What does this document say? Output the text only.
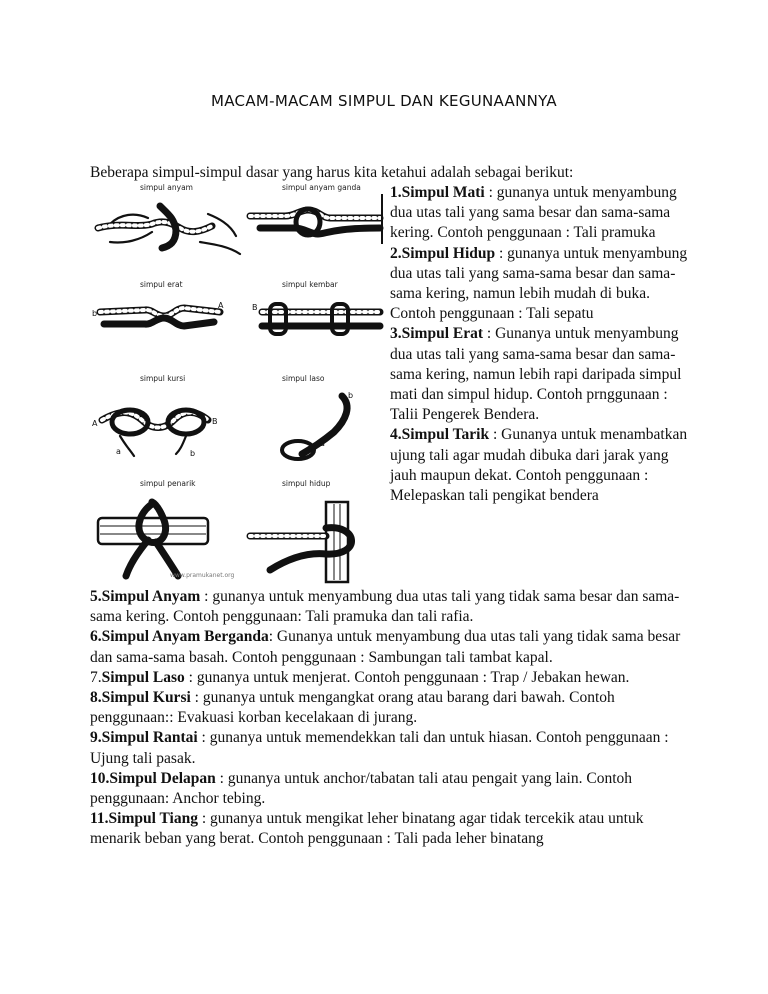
MACAM-MACAM SIMPUL DAN KEGUNAANNYA
Beberapa simpul-simpul dasar yang harus kita ketahui adalah sebagai berikut:
simpul anyam	simpul anyam ganda
simpul erat	simpul kembar
simpul kursi	simpul laso
simpul penarik	simpul hidup
b
A	B
A	B
a	b
b
a
www.pramukanet.org

1.Simpul Mati : gunanya untuk menyambung dua utas tali yang sama besar dan sama-sama kering. Contoh penggunaan : Tali pramuka

2.Simpul Hidup : gunanya untuk menyambung dua utas tali yang sama-sama besar dan sama-sama kering, namun lebih mudah di buka. Contoh penggunaan : Tali sepatu

3.Simpul Erat : Gunanya untuk menyambung dua utas tali yang sama-sama besar dan sama-sama kering, namun lebih rapi daripada simpul mati dan simpul hidup. Contoh prnggunaan : Talii Pengerek Bendera.

4.Simpul Tarik : Gunanya untuk menambatkan ujung tali agar mudah dibuka dari jarak yang jauh maupun dekat. Contoh penggunaan : Melepaskan tali pengikat bendera

5.Simpul Anyam : gunanya untuk menyambung dua utas tali yang tidak sama besar dan sama-sama kering. Contoh penggunaan: Tali pramuka dan tali rafia.

6.Simpul Anyam Berganda: Gunanya untuk menyambung dua utas tali yang tidak sama besar dan sama-sama basah. Contoh penggunaan : Sambungan tali tambat kapal.

7.Simpul Laso : gunanya untuk menjerat. Contoh penggunaan : Trap / Jebakan hewan.

8.Simpul Kursi : gunanya untuk mengangkat orang atau barang dari bawah. Contoh penggunaan:: Evakuasi korban kecelakaan di jurang.

9.Simpul Rantai : gunanya untuk memendekkan tali dan untuk hiasan. Contoh penggunaan : Ujung tali pasak.

10.Simpul Delapan : gunanya untuk anchor/tabatan tali atau pengait yang lain. Contoh penggunaan: Anchor tebing.

11.Simpul Tiang : gunanya untuk mengikat leher binatang agar tidak tercekik atau untuk menarik beban yang berat. Contoh penggunaan : Tali pada leher binatang
